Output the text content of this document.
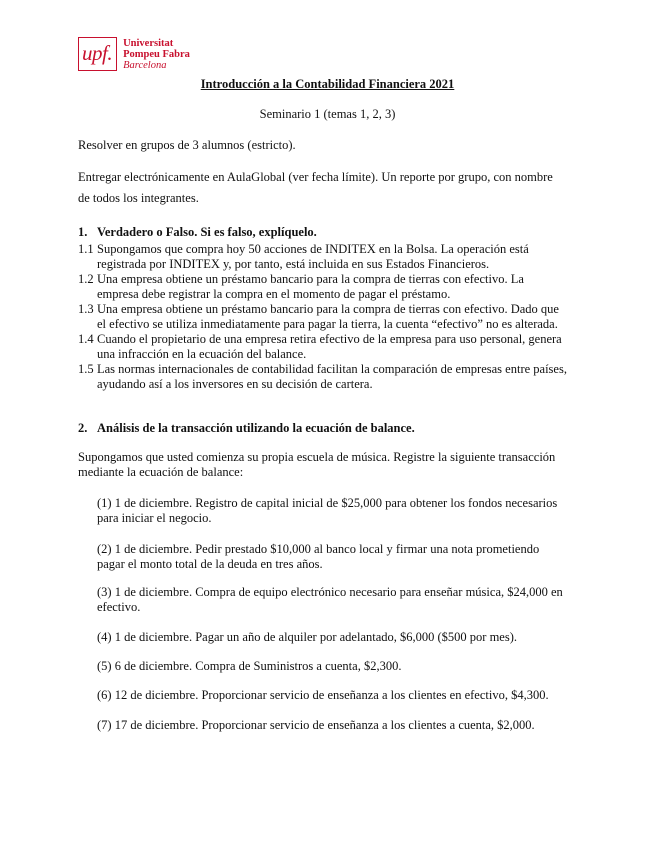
upf.	Universitat
Pompeu Fabra
Barcelona
Introducción a la Contabilidad Financiera 2021
Seminario 1 (temas 1, 2, 3)
Resolver en grupos de 3 alumnos (estricto).
Entregar electrónicamente en AulaGlobal (ver fecha límite). Un reporte por grupo, con nombre
de todos los integrantes.
1. Verdadero o Falso. Si es falso, explíquelo.
1.1 Supongamos que compra hoy 50 acciones de INDITEX en la Bolsa. La operación está
registrada por INDITEX y, por tanto, está incluida en sus Estados Financieros.
1.2 Una empresa obtiene un préstamo bancario para la compra de tierras con efectivo. La
empresa debe registrar la compra en el momento de pagar el préstamo.
1.3 Una empresa obtiene un préstamo bancario para la compra de tierras con efectivo. Dado que
el efectivo se utiliza inmediatamente para pagar la tierra, la cuenta “efectivo” no es alterada.
1.4 Cuando el propietario de una empresa retira efectivo de la empresa para uso personal, genera
una infracción en la ecuación del balance.
1.5 Las normas internacionales de contabilidad facilitan la comparación de empresas entre países,
ayudando así a los inversores en su decisión de cartera.
2. Análisis de la transacción utilizando la ecuación de balance.
Supongamos que usted comienza su propia escuela de música. Registre la siguiente transacción
mediante la ecuación de balance:
(1) 1 de diciembre. Registro de capital inicial de $25,000 para obtener los fondos necesarios
para iniciar el negocio.
(2) 1 de diciembre. Pedir prestado $10,000 al banco local y firmar una nota prometiendo
pagar el monto total de la deuda en tres años.
(3) 1 de diciembre. Compra de equipo electrónico necesario para enseñar música, $24,000 en
efectivo.
(4) 1 de diciembre. Pagar un año de alquiler por adelantado, $6,000 ($500 por mes).
(5) 6 de diciembre. Compra de Suministros a cuenta, $2,300.
(6) 12 de diciembre. Proporcionar servicio de enseñanza a los clientes en efectivo, $4,300.
(7) 17 de diciembre. Proporcionar servicio de enseñanza a los clientes a cuenta, $2,000.
